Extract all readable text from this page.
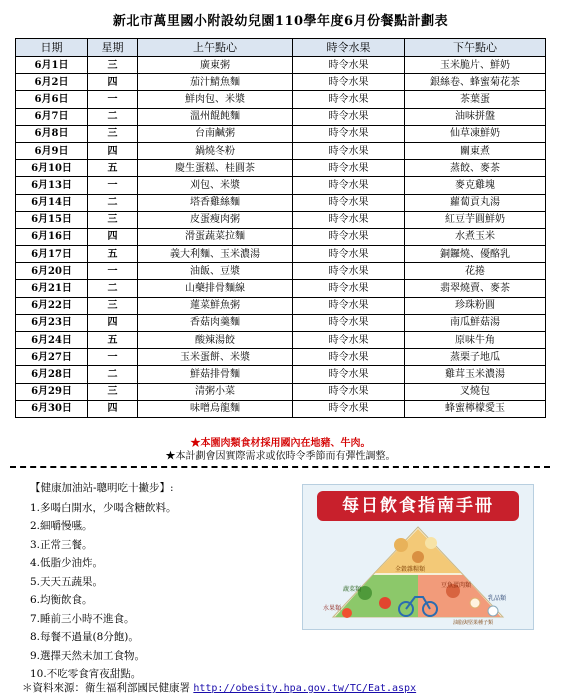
新北市萬里國小附設幼兒園110學年度6月份餐點計劃表
日期	星期	上午點心	時令水果	下午點心
6月1日	三	廣東粥	時令水果	玉米脆片、鮮奶
6月2日	四	茄汁鯖魚麵	時令水果	銀絲卷、蜂蜜菊花茶
6月6日	一	鮮肉包、米漿	時令水果	茶葉蛋
6月7日	二	溫州餛飩麵	時令水果	油味拼盤
6月8日	三	台南鹹粥	時令水果	仙草凍鮮奶
6月9日	四	鍋燒冬粉	時令水果	關東煮
6月10日	五	慶生蛋糕、桂圓茶	時令水果	蒸餃、麥茶
6月13日	一	刈包、米漿	時令水果	麥克雞塊
6月14日	二	塔香雞絲麵	時令水果	蘿蔔貢丸湯
6月15日	三	皮蛋瘦肉粥	時令水果	紅豆芋圓鮮奶
6月16日	四	滑蛋蔬菜拉麵	時令水果	水煮玉米
6月17日	五	義大利麵、玉米濃湯	時令水果	銅鑼燒、優酪乳
6月20日	一	油飯、豆漿	時令水果	花捲
6月21日	二	山藥排骨麵線	時令水果	翡翠燒賣、麥茶
6月22日	三	蓮菜鮮魚粥	時令水果	珍珠粉圓
6月23日	四	香菇肉羹麵	時令水果	南瓜鮮菇湯
6月24日	五	酸辣湯餃	時令水果	原味牛角
6月27日	一	玉米蛋餅、米漿	時令水果	蒸栗子地瓜
6月28日	二	鮮菇排骨麵	時令水果	雞茸玉米濃湯
6月29日	三	清粥小菜	時令水果	叉燒包
6月30日	四	味噌烏龍麵	時令水果	蜂蜜檸檬愛玉
★本園肉類食材採用國內在地豬、牛肉。
★本計劃會因實際需求或依時令季節而有彈性調整。
【健康加油站-聰明吃十撇步】:
1.多喝白開水，少喝含糖飲料。
2.細嚼慢嚥。
3.正常三餐。
4.低脂少油炸。
5.天天五蔬果。
6.均衡飲食。
7.睡前三小時不進食。
8.每餐不過量(8分飽)。
9.選擇天然未加工食物。
10.不吃零食宵夜甜點。
每日飲食指南手冊
全穀雜糧類
蔬菜類
水果類
豆魚蛋肉類
乳品類
油脂與堅果種子類
＊資料來源：衛生福利部國民健康署 http://obesity.hpa.gov.tw/TC/Eat.aspx
